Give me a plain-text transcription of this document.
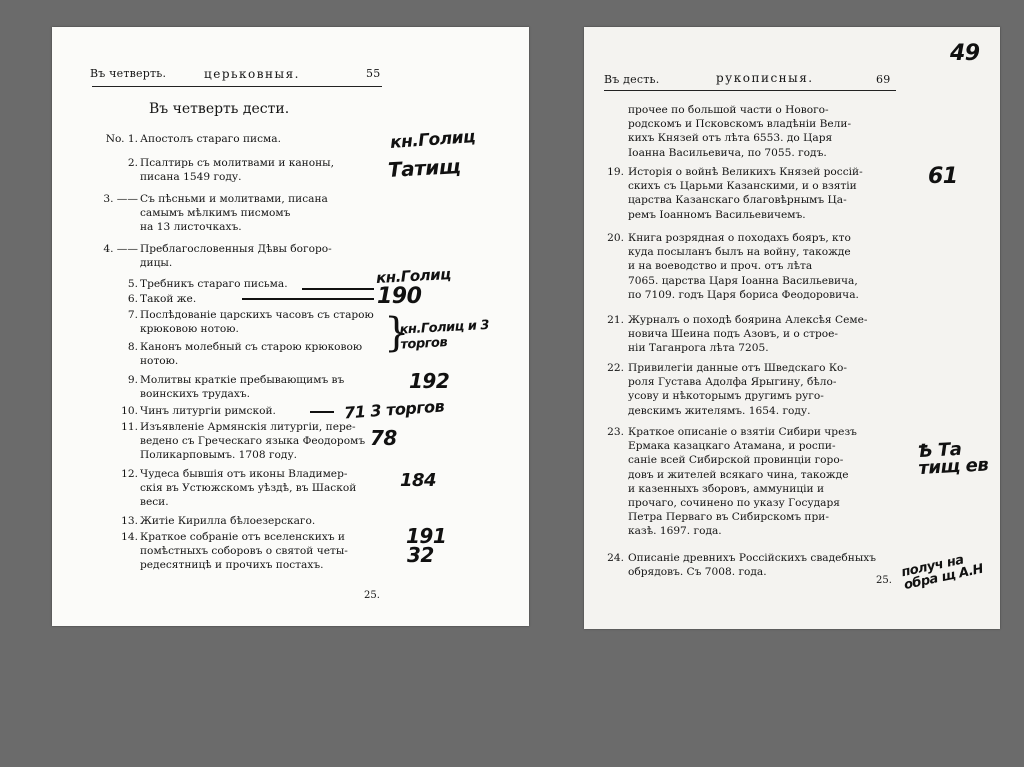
Въ четверть.	церьковныя.	55
Въ четверть дести.
No. 1. Апостолъ стараго писма.
2. Псалтирь съ молитвами и каноны,
писана 1549 году.
3. —— Съ пѣсньми и молитвами, писана
самымъ мѣлкимъ писмомъ
на 13 листочкахъ.
4. —— Преблагословенныя Дѣвы богоро-
дицы.
5. Требникъ стараго письма.
6. Такой же.
7. Послѣдованіе царскихъ часовъ съ старою
крюковою нотою.
8. Канонъ молебный съ старою крюковою
нотою.
9. Молитвы краткіе пребывающимъ въ
воинскихъ трудахъ.
10. Чинъ литургіи римской.
11. Изъявленіе Армянскія литургіи, пере-
ведено съ Греческаго языка Феодоромъ
Поликарповымъ. 1708 году.
12. Чудеса бывшія отъ иконы Владимер-
скія въ Устюжскомъ уѣздѣ, въ Шаской
веси.
13. Житіе Кирилла бѣлоезерскаго.
14. Краткое собраніе отъ вселенскихъ и
помѣстныхъ соборовъ о святой четы-
редесятницѣ и прочихъ постахъ.
25.
кн.Голиц
Татищ
кн.Голиц
190
}
кн.Голиц и 3 торгов
192
71 3 торгов
78
184
191
32
Въ десть.	рукописныя.	69
49
прочее по большой части о Новогo-
родскомъ и Псковскомъ владѣніи Вели-
кихъ Князей отъ лѣта 6553. до Царя
Іоанна Васильевича, по 7055. годъ.
19. Исторія о войнѣ Великихъ Князей россій-
скихъ съ Царьми Казанскими, и о взятіи
царства Казанскаго благовѣрнымъ Ца-
ремъ Іоанномъ Васильевичемъ.
20. Книга розрядная о походахъ бояръ, кто
куда посыланъ былъ на войну, такожде
и на воеводство и проч. отъ лѣта
7065. царства Царя Іоанна Васильевича,
по 7109. годъ Царя бориса Феодоровича.
21. Журналъ о походѣ боярина Алексѣя Семе-
новича Шеина подъ Азовъ, и о строе-
ніи Таганрога лѣта 7205.
22. Привилегіи данные отъ Шведскаго Ко-
роля Густава Адолфа Ярыгину, бѣло-
усову и нѣкоторымъ другимъ руго-
девскимъ жителямъ. 1654. году.
23. Краткое описаніе о взятіи Сибири чрезъ
Ермака казацкаго Атамана, и роспи-
саніе всей Сибирской провинціи горо-
довъ и жителей всякаго чина, такожде
и казенныхъ зборовъ, аммуниціи и
прочаго, сочинено по указу Государя
Петра Перваго въ Сибирскомъ при-
казѣ. 1697. года.
24. Описаніе древнихъ Россійскихъ свадебныхъ
обрядовъ. Съ 7008. года.
25.
61
Ѣ Та тищ ев
получ на обра щ А.Н
